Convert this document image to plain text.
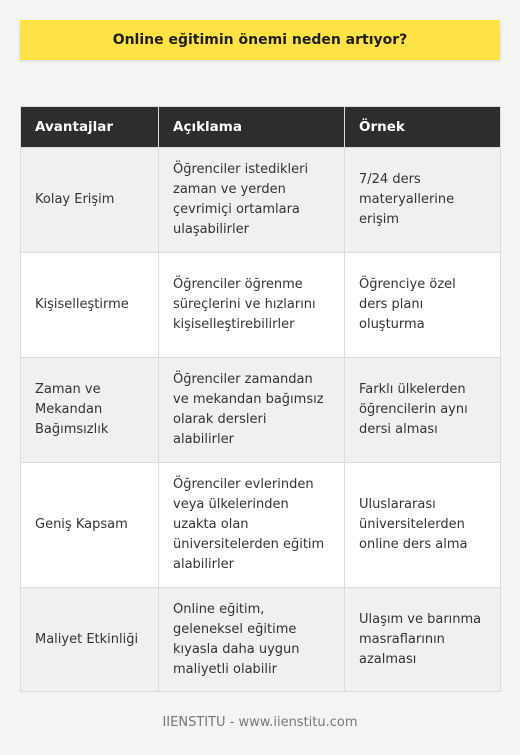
Online eğitimin önemi neden artıyor?
Avantajlar	Açıklama	Örnek
Kolay Erişim	Öğrenciler istedikleri zaman ve yerden çevrimiçi ortamlara ulaşabilirler	7/24 ders materyallerine erişim
Kişiselleştirme	Öğrenciler öğrenme süreçlerini ve hızlarını kişiselleştirebilirler	Öğrenciye özel ders planı oluşturma
Zaman ve Mekandan Bağımsızlık	Öğrenciler zamandan ve mekandan bağımsız olarak dersleri alabilirler	Farklı ülkelerden öğrencilerin aynı dersi alması
Geniş Kapsam	Öğrenciler evlerinden veya ülkelerinden uzakta olan üniversitelerden eğitim alabilirler	Uluslararası üniversitelerden online ders alma
Maliyet Etkinliği	Online eğitim, geleneksel eğitime kıyasla daha uygun maliyetli olabilir	Ulaşım ve barınma masraflarının azalması
IIENSTITU - www.iienstitu.com
